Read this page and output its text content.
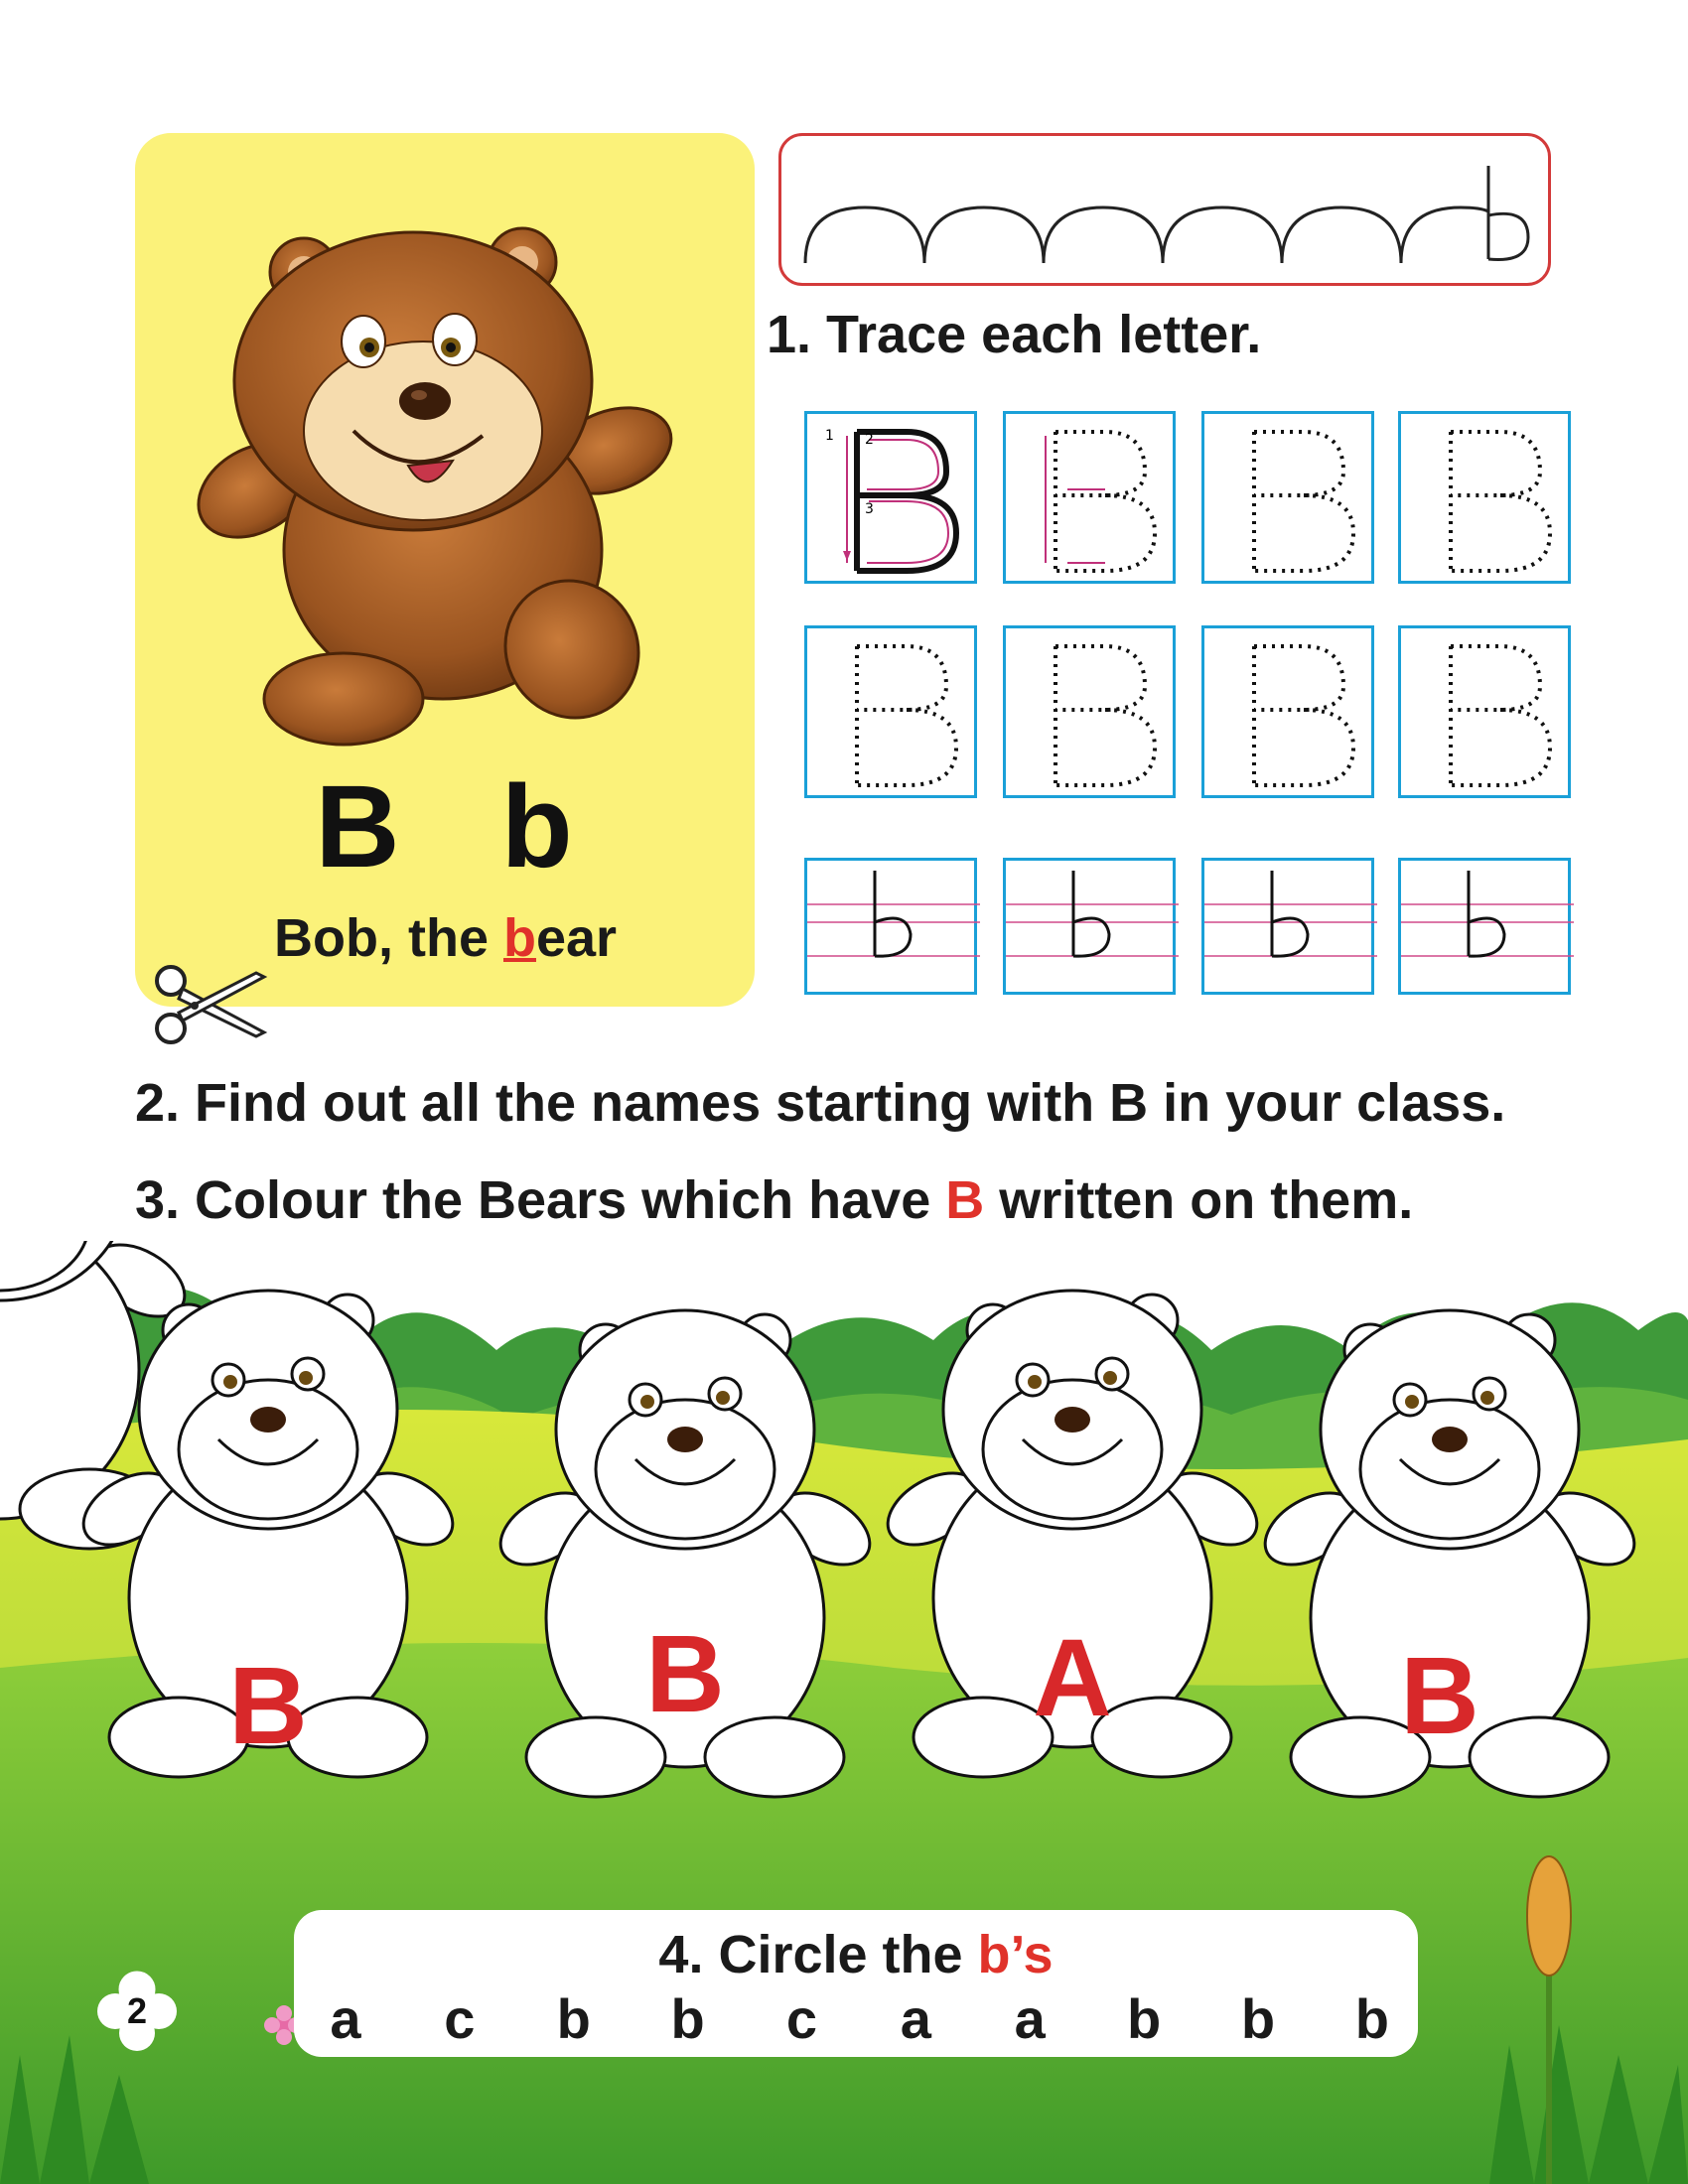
B b
Bob, the bear
1. Trace each letter.
1 2
3
2. Find out all the names starting with B in your class.
3. Colour the Bears which have B written on them.
B	B	A	B
4. Circle the b’s
a c b b c a a b b b
2
